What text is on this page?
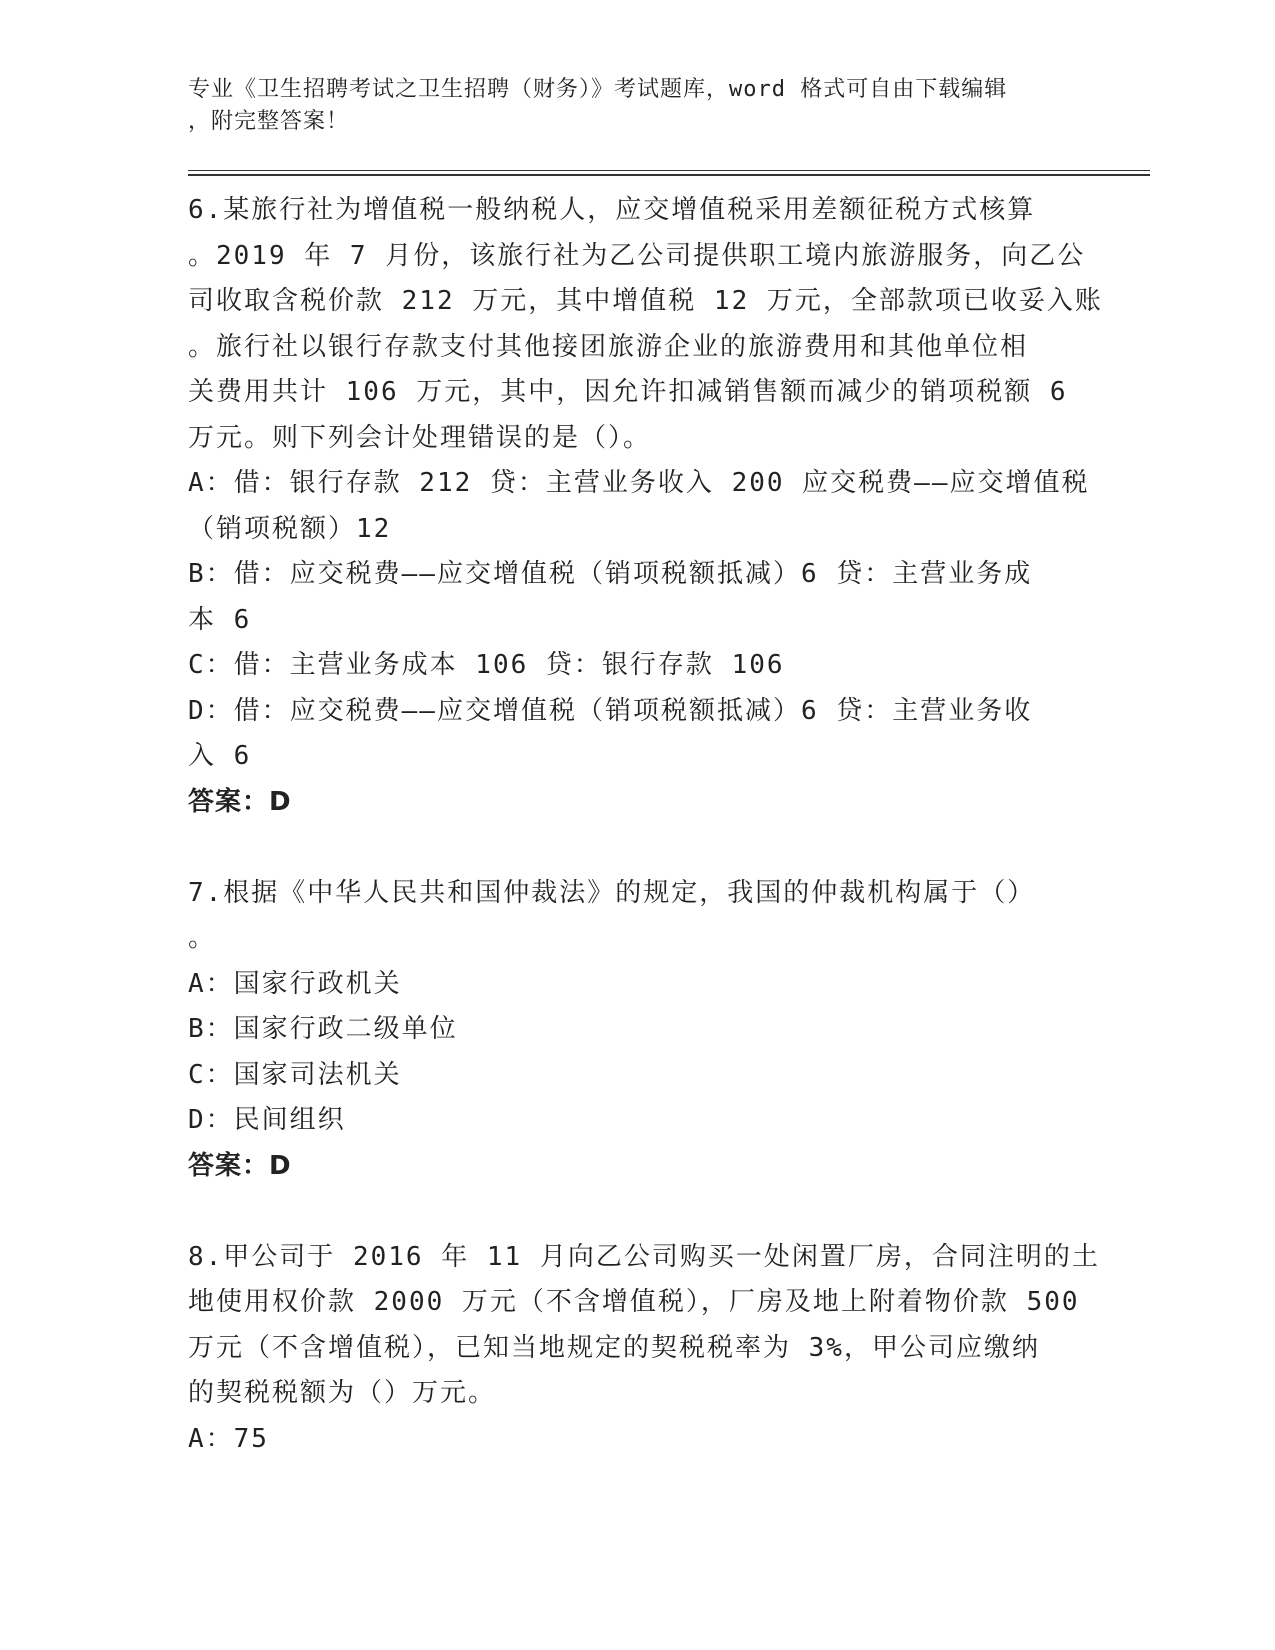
专业《卫生招聘考试之卫生招聘（财务）》考试题库，word 格式可自由下载编辑
，附完整答案！
6.某旅行社为增值税一般纳税人，应交增值税采用差额征税方式核算
。2019 年 7 月份，该旅行社为乙公司提供职工境内旅游服务，向乙公
司收取含税价款 212 万元，其中增值税 12 万元，全部款项已收妥入账
。旅行社以银行存款支付其他接团旅游企业的旅游费用和其他单位相
关费用共计 106 万元，其中，因允许扣减销售额而减少的销项税额 6
万元。则下列会计处理错误的是（）。
A：借：银行存款 212 贷：主营业务收入 200 应交税费——应交增值税
（销项税额）12
B：借：应交税费——应交增值税（销项税额抵减）6 贷：主营业务成
本 6
C：借：主营业务成本 106 贷：银行存款 106
D：借：应交税费——应交增值税（销项税额抵减）6 贷：主营业务收
入 6
答案：D
7.根据《中华人民共和国仲裁法》的规定，我国的仲裁机构属于（）
。
A：国家行政机关
B：国家行政二级单位
C：国家司法机关
D：民间组织
答案：D
8.甲公司于 2016 年 11 月向乙公司购买一处闲置厂房，合同注明的土
地使用权价款 2000 万元（不含增值税），厂房及地上附着物价款 500
万元（不含增值税），已知当地规定的契税税率为 3%，甲公司应缴纳
的契税税额为（）万元。
A：75
